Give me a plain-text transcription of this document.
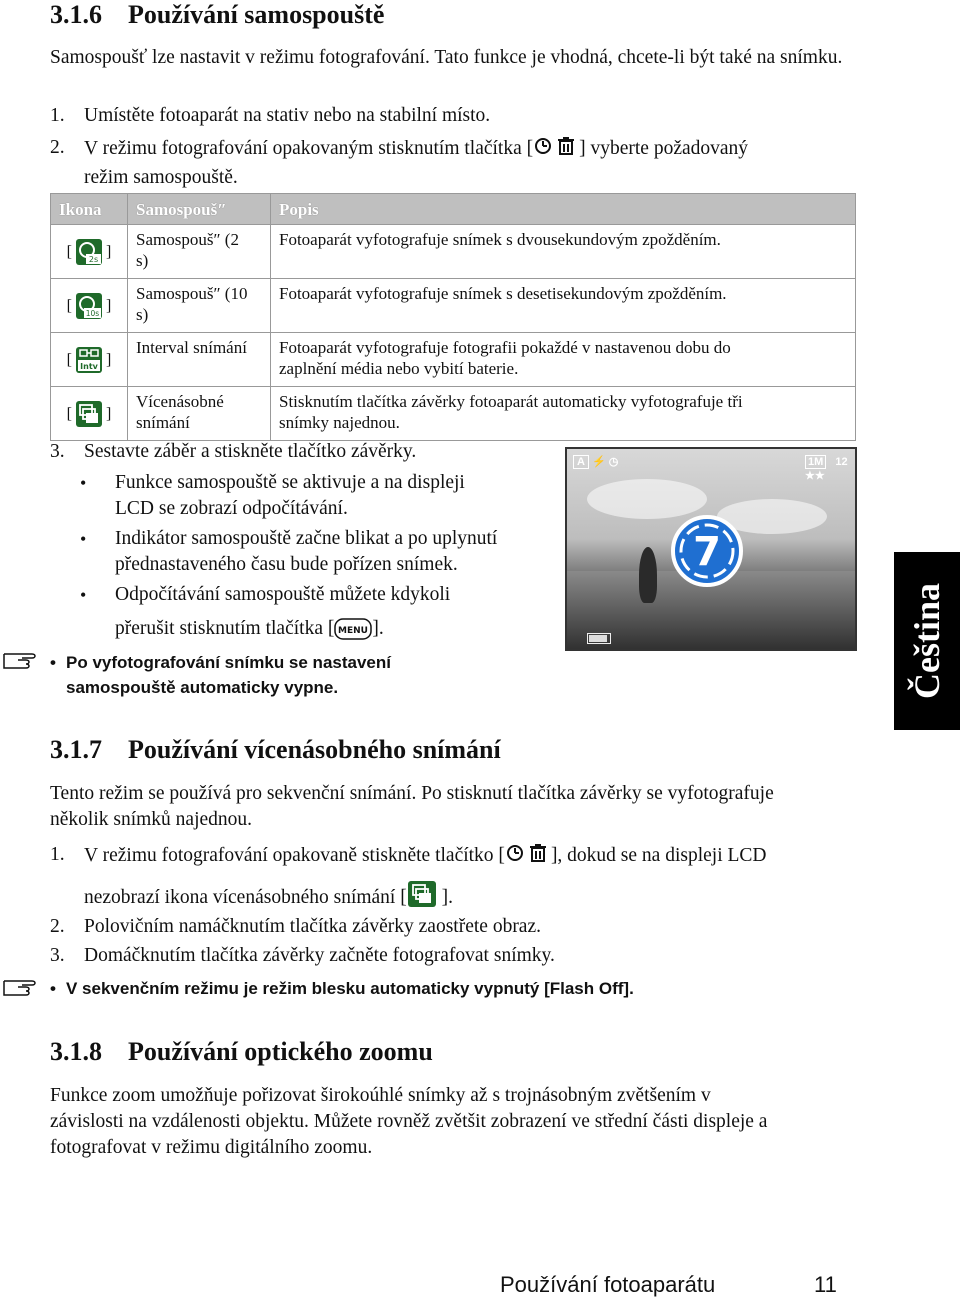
3.1.6 Používání samospouště

Samospoušť lze nastavit v režimu fotografování. Tato funkce je vhodná, chcete-li být také na snímku.

1. Umístěte fotoaparát na stativ nebo na stabilní místo.
2. V režimu fotografování opakovaným stisknutím tlačítka [ ] vyberte požadovaný

režim samospouště.

Ikona	Samospouš″	Popis
[ 2s ]	Samospouš″ (2
s)	Fotoaparát vyfotografuje snímek s dvousekundovým zpožděním.
[ 10s ]	Samospouš″ (10
s)	Fotoaparát vyfotografuje snímek s desetisekundovým zpožděním.
[ Intv ]	Interval snímání	Fotoaparát vyfotografuje fotografii pokaždé v nastavenou dobu do
zaplnění média nebo vybití baterie.
[ ]	Vícenásobné
snímání	Stisknutím tlačítka závěrky fotoaparát automaticky vyfotografuje tři
snímky najednou.
3. Sestavte záběr a stiskněte tlačítko závěrky.
• Funkce samospouště se aktivuje a na displeji
LCD se zobrazí odpočítávání.
• Indikátor samospouště začne blikat a po uplynutí
přednastaveného času bude pořízen snímek.
• Odpočítávání samospouště můžete kdykoli
přerušit stisknutím tlačítka [ MENU ].
• Po vyfotografování snímku se nastavení
samospouště automaticky vypne.
A ⚡ ◷	1M 12
★★
7
Čeština
3.1.7 Používání vícenásobného snímání

Tento režim se používá pro sekvenční snímání. Po stisknutí tlačítka závěrky se vyfotografuje
několik snímků najednou.

1. V režimu fotografování opakovaně stiskněte tlačítko [ ], dokud se na displeji LCD
nezobrazí ikona vícenásobného snímání [ ].
2. Polovičním namáčknutím tlačítka závěrky zaostřete obraz.
3. Domáčknutím tlačítka závěrky začněte fotografovat snímky.
• V sekvenčním režimu je režim blesku automaticky vypnutý [Flash Off].
3.1.8 Používání optického zoomu

Funkce zoom umožňuje pořizovat širokoúhlé snímky až s trojnásobným zvětšením v
závislosti na vzdálenosti objektu. Můžete rovněž zvětšit zobrazení ve střední části displeje a
fotografovat v režimu digitálního zoomu.

Používání fotoaparátu	11
